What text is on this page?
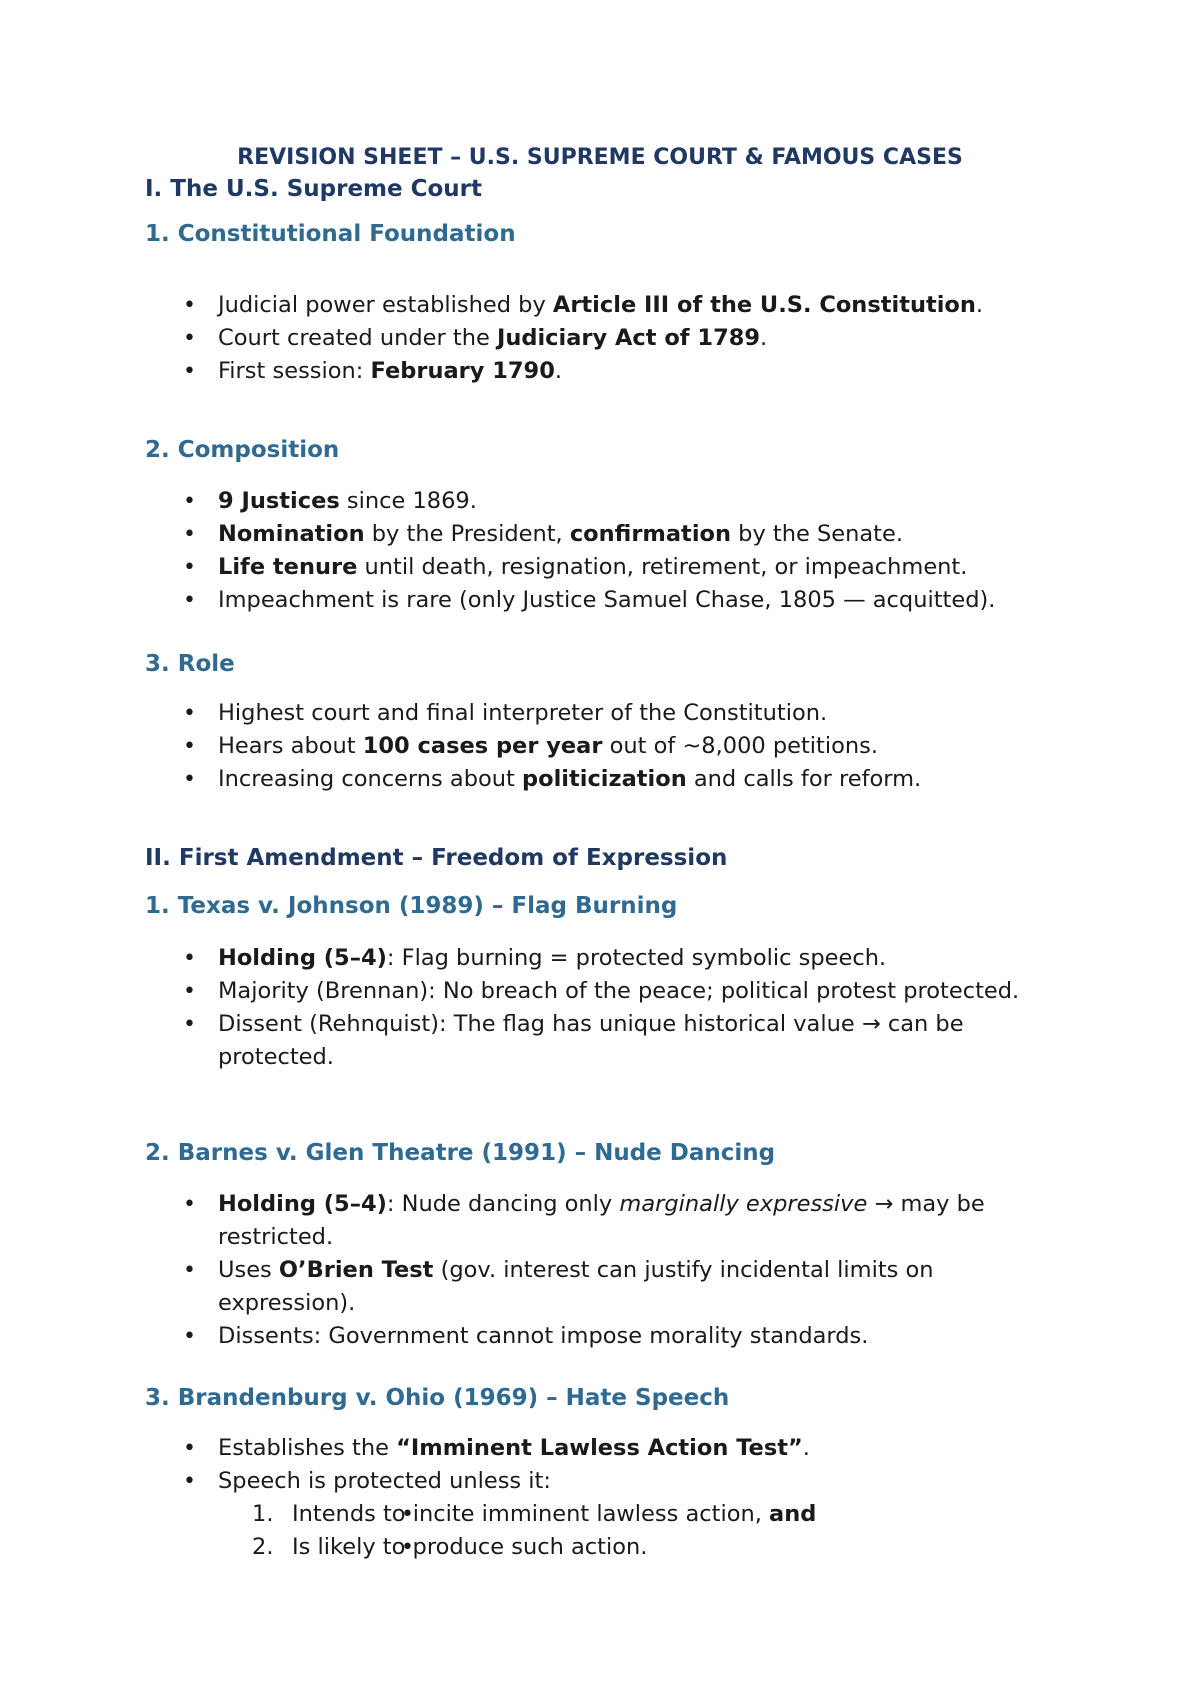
REVISION SHEET – U.S. SUPREME COURT & FAMOUS CASES
I. The U.S. Supreme Court
1. Constitutional Foundation
• Judicial power established by Article III of the U.S. Constitution.
• Court created under the Judiciary Act of 1789.
• First session: February 1790.
2. Composition
• 9 Justices since 1869.
• Nomination by the President, confirmation by the Senate.
• Life tenure until death, resignation, retirement, or impeachment.
• Impeachment is rare (only Justice Samuel Chase, 1805 — acquitted).
3. Role
• Highest court and final interpreter of the Constitution.
• Hears about 100 cases per year out of ~8,000 petitions.
• Increasing concerns about politicization and calls for reform.
II. First Amendment – Freedom of Expression
1. Texas v. Johnson (1989) – Flag Burning
• Holding (5–4): Flag burning = protected symbolic speech.
• Majority (Brennan): No breach of the peace; political protest protected.
• Dissent (Rehnquist): The flag has unique historical value → can be protected.
2. Barnes v. Glen Theatre (1991) – Nude Dancing
• Holding (5–4): Nude dancing only marginally expressive → may be restricted.
• Uses O’Brien Test (gov. interest can justify incidental limits on expression).
• Dissents: Government cannot impose morality standards.
3. Brandenburg v. Ohio (1969) – Hate Speech
• Establishes the “Imminent Lawless Action Test”.
• Speech is protected unless it:
• 1. Intends to incite imminent lawless action, and
• 2. Is likely to produce such action.
